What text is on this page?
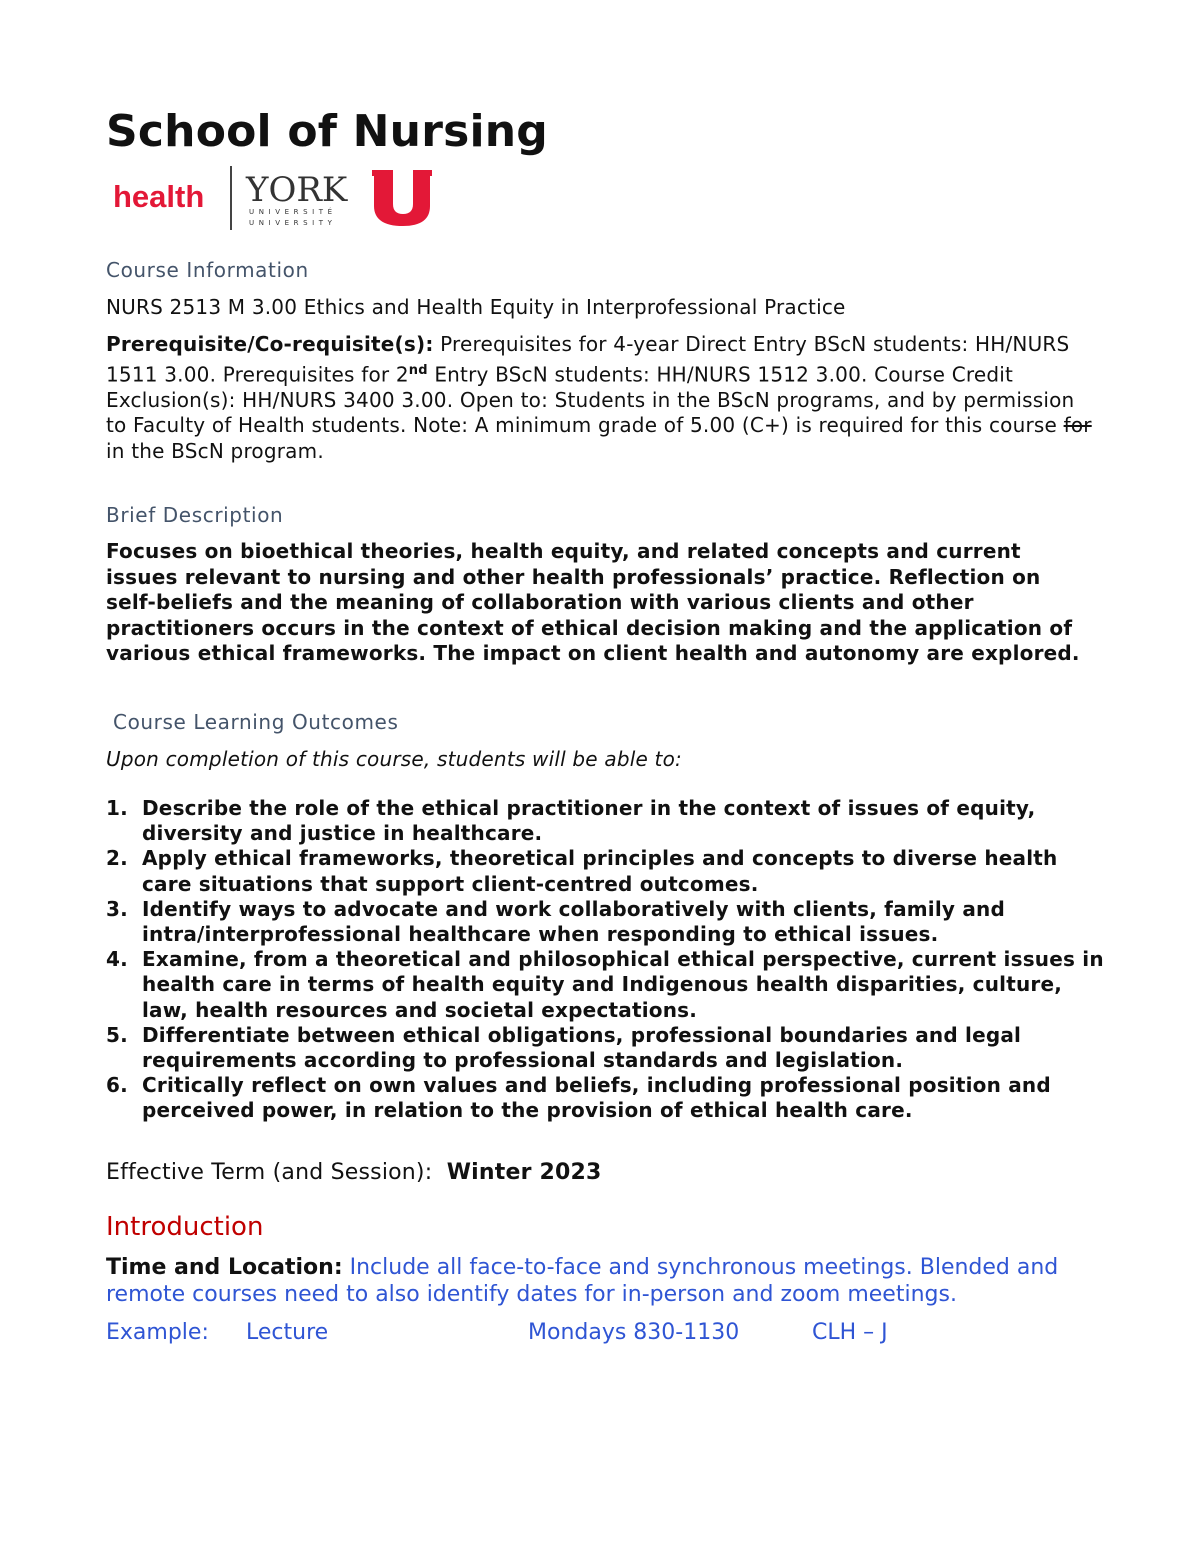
School of Nursing
health YORK
UNIVERSITÉ
UNIVERSITY
Course Information

NURS 2513 M 3.00 Ethics and Health Equity in Interprofessional Practice

Prerequisite/Co-requisite(s): Prerequisites for 4-year Direct Entry BScN students: HH/NURS 1511 3.00. Prerequisites for 2nd Entry BScN students: HH/NURS 1512 3.00. Course Credit Exclusion(s): HH/NURS 3400 3.00. Open to: Students in the BScN programs, and by permission to Faculty of Health students. Note: A minimum grade of 5.00 (C+) is required for this course for in the BScN program.

Brief Description

Focuses on bioethical theories, health equity, and related concepts and current issues relevant to nursing and other health professionals’ practice. Reflection on self-beliefs and the meaning of collaboration with various clients and other practitioners occurs in the context of ethical decision making and the application of various ethical frameworks. The impact on client health and autonomy are explored.

Course Learning Outcomes

Upon completion of this course, students will be able to:

1. Describe the role of the ethical practitioner in the context of issues of equity, diversity and justice in healthcare.
2. Apply ethical frameworks, theoretical principles and concepts to diverse health care situations that support client-centred outcomes.
3. Identify ways to advocate and work collaboratively with clients, family and intra/interprofessional healthcare when responding to ethical issues.
4. Examine, from a theoretical and philosophical ethical perspective, current issues in health care in terms of health equity and Indigenous health disparities, culture, law, health resources and societal expectations.
5. Differentiate between ethical obligations, professional boundaries and legal requirements according to professional standards and legislation.
6. Critically reflect on own values and beliefs, including professional position and perceived power, in relation to the provision of ethical health care.

Effective Term (and Session): Winter 2023

Introduction

Time and Location: Include all face-to-face and synchronous meetings. Blended and remote courses need to also identify dates for in-person and zoom meetings.

Example: Lecture	Mondays 830-1130	CLH – J
